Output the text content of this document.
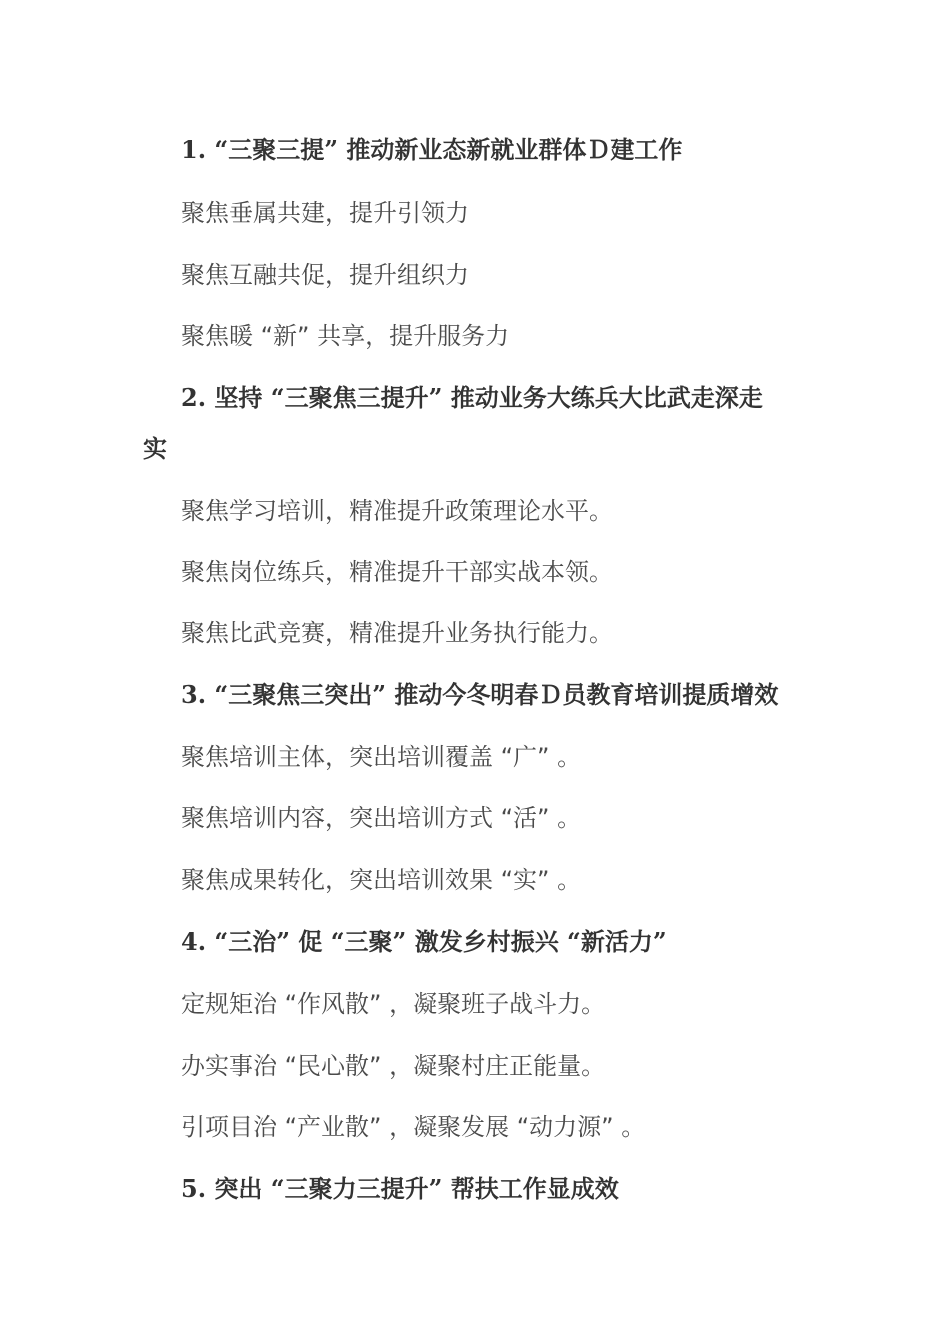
1. “三聚三提” 推动新业态新就业群体Ｄ建工作
聚焦垂属共建，提升引领力
聚焦互融共促，提升组织力
聚焦暖 “新” 共享，提升服务力
2. 坚持 “三聚焦三提升” 推动业务大练兵大比武走深走
实
聚焦学习培训，精准提升政策理论水平。
聚焦岗位练兵，精准提升干部实战本领。
聚焦比武竞赛，精准提升业务执行能力。
3. “三聚焦三突出” 推动今冬明春Ｄ员教育培训提质增效
聚焦培训主体，突出培训覆盖 “广” 。
聚焦培训内容，突出培训方式 “活” 。
聚焦成果转化，突出培训效果 “实” 。
4. “三治” 促 “三聚” 激发乡村振兴 “新活力”
定规矩治 “作风散” ，凝聚班子战斗力。
办实事治 “民心散” ，凝聚村庄正能量。
引项目治 “产业散” ，凝聚发展 “动力源” 。
5. 突出 “三聚力三提升” 帮扶工作显成效
